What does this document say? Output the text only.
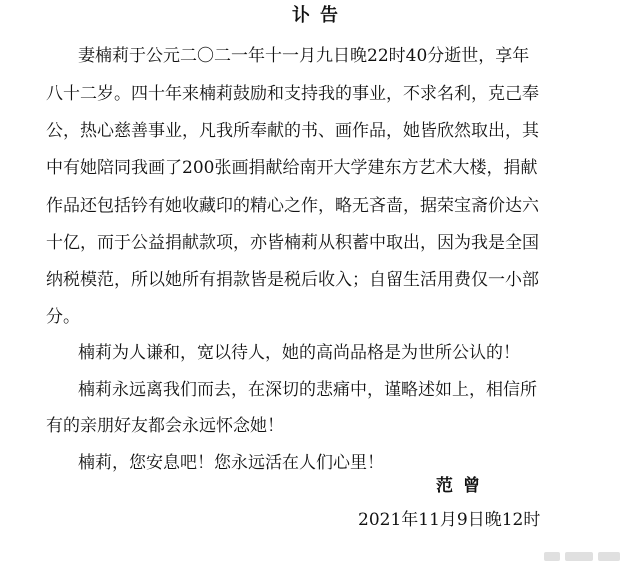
讣告
妻楠莉于公元二〇二一年十一月九日晚22时40分逝世，享年
八十二岁。四十年来楠莉鼓励和支持我的事业，不求名利，克己奉
公，热心慈善事业，凡我所奉献的书、画作品，她皆欣然取出，其
中有她陪同我画了200张画捐献给南开大学建东方艺术大楼，捐献
作品还包括钤有她收藏印的精心之作，略无吝啬，据荣宝斋价达六
十亿，而于公益捐献款项，亦皆楠莉从积蓄中取出，因为我是全国
纳税模范，所以她所有捐款皆是税后收入；自留生活用费仅一小部
分。
楠莉为人谦和，宽以待人，她的高尚品格是为世所公认的！
楠莉永远离我们而去，在深切的悲痛中，谨略述如上，相信所
有的亲朋好友都会永远怀念她！
楠莉，您安息吧！您永远活在人们心里！
范曾
2021年11月9日晚12时
